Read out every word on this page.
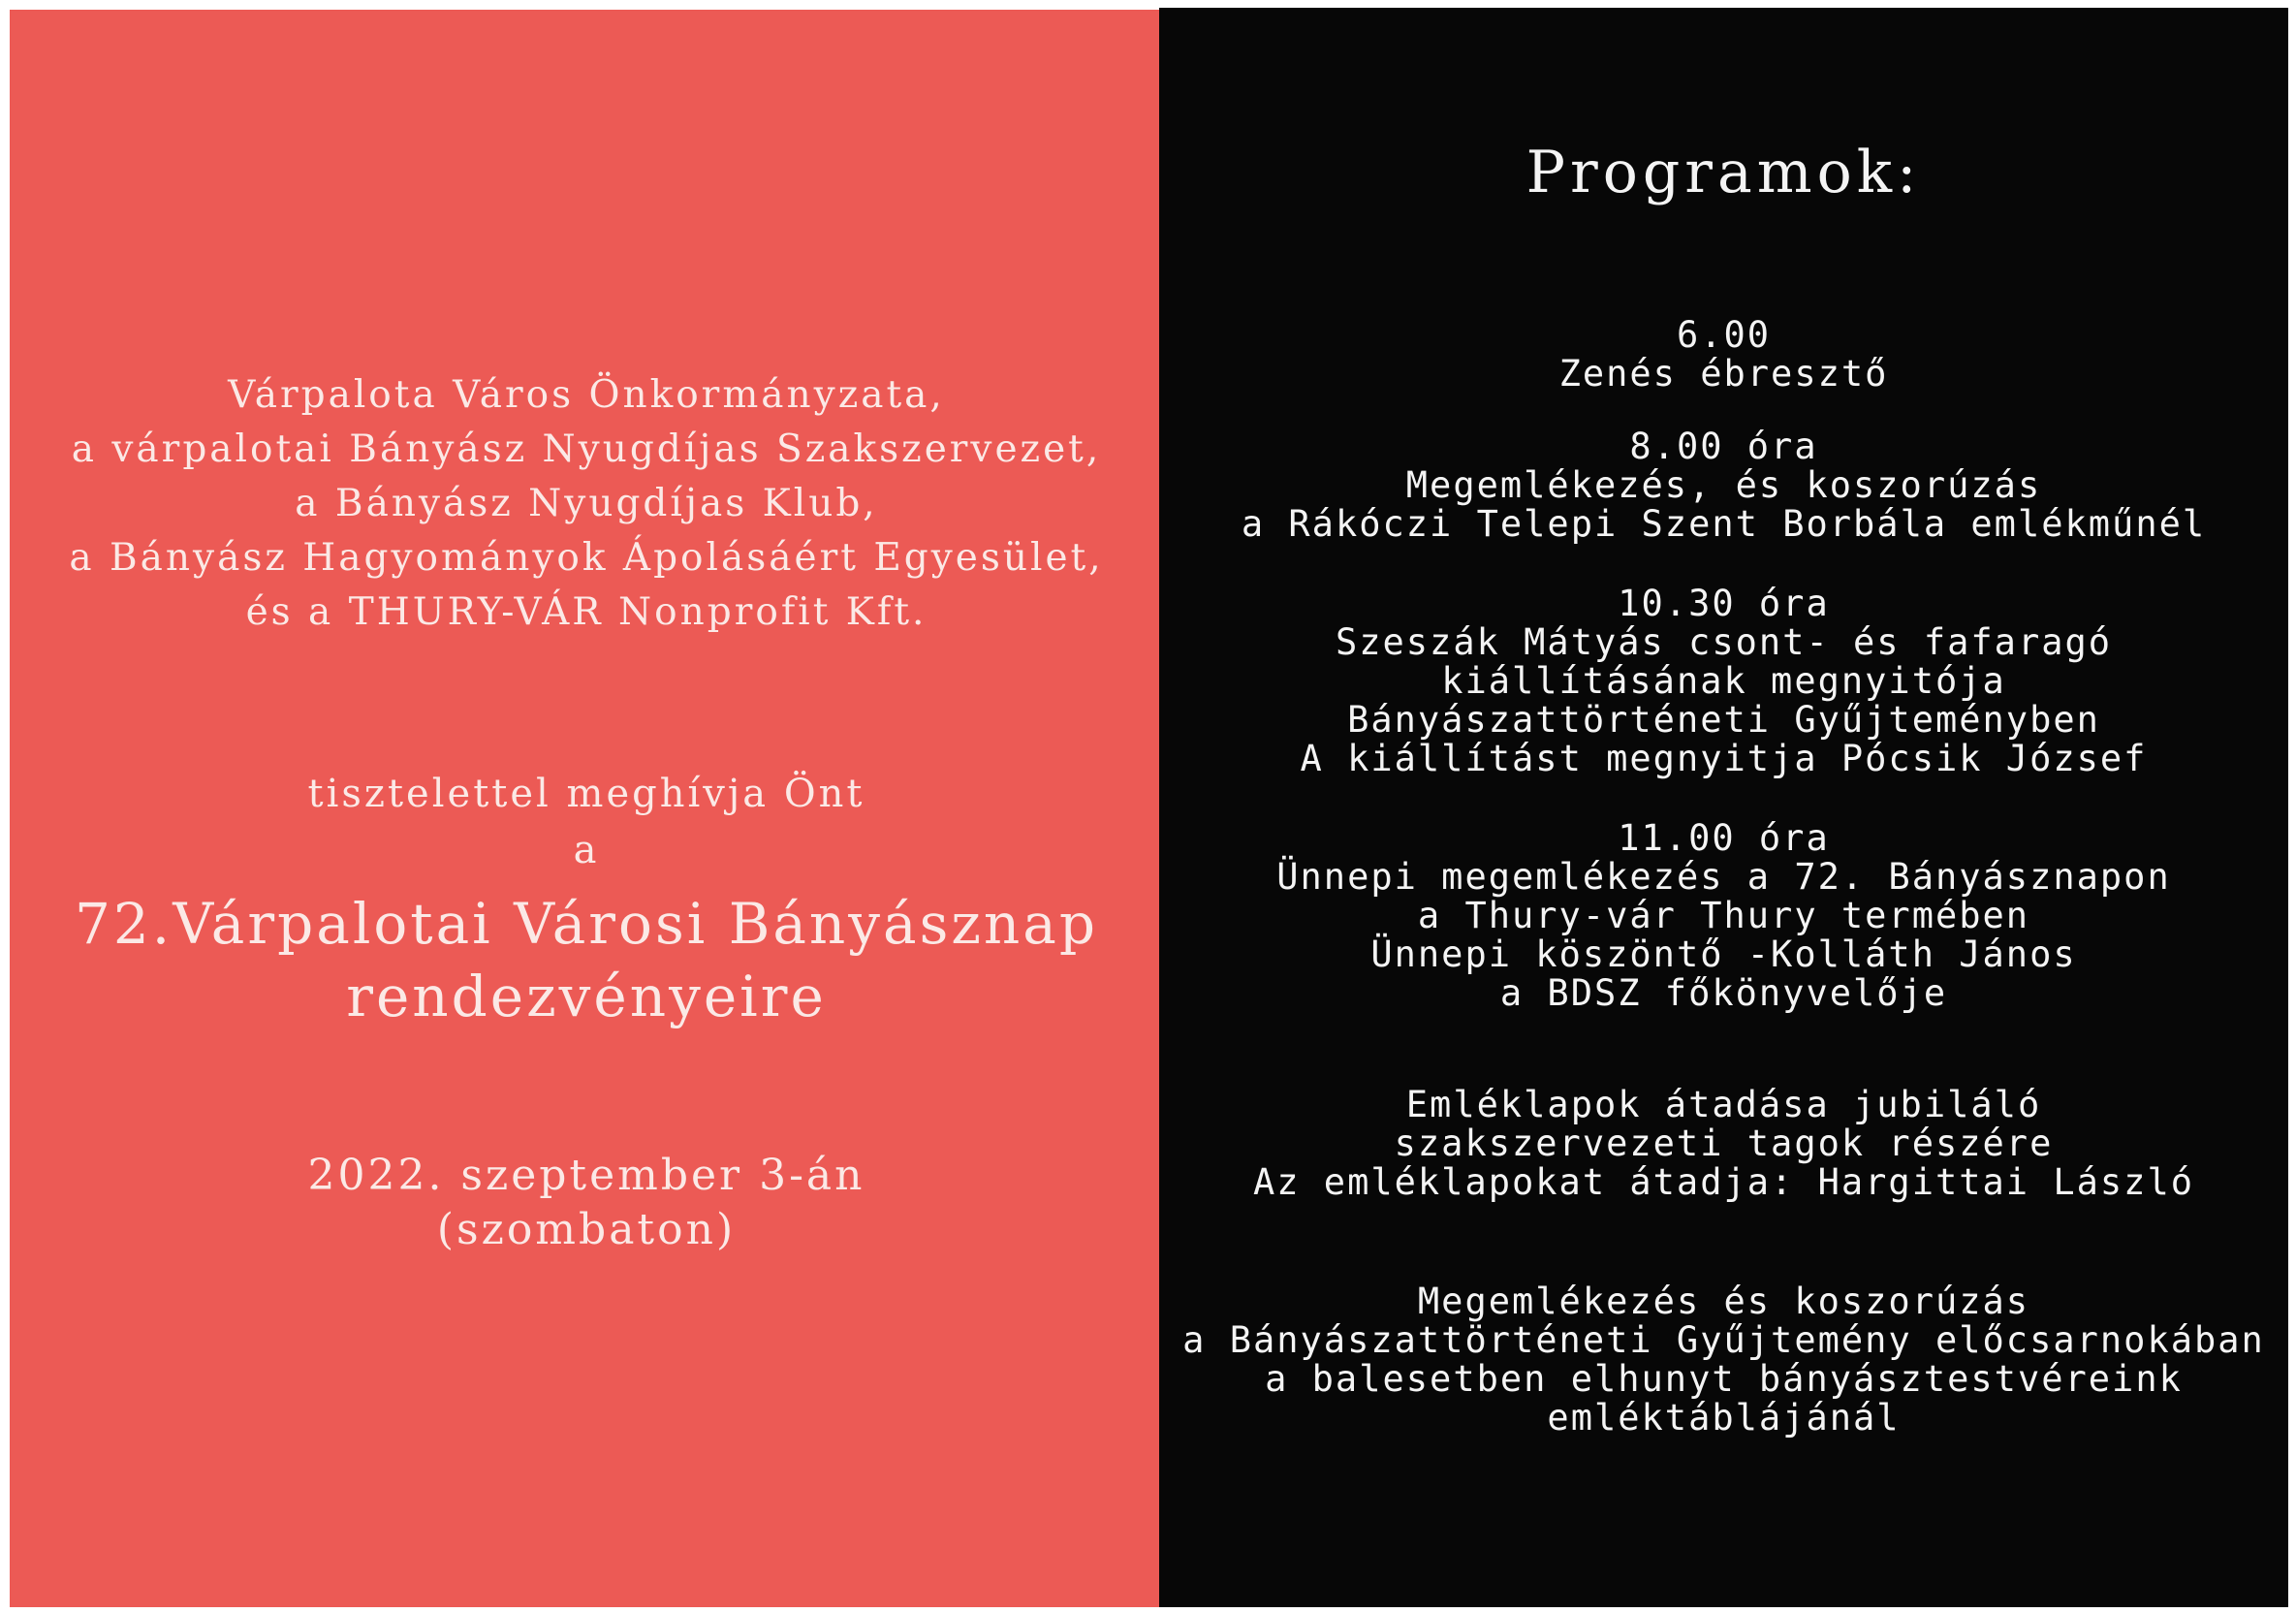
Várpalota Város Önkormányzata,
a várpalotai Bányász Nyugdíjas Szakszervezet,
a Bányász Nyugdíjas Klub,
a Bányász Hagyományok Ápolásáért Egyesület,
és a THURY-VÁR Nonprofit Kft.
tisztelettel meghívja Önt
a
72.Várpalotai Városi Bányásznap
rendezvényeire
2022. szeptember 3-án
(szombaton)
Programok:
6.00
Zenés ébresztő
8.00 óra
Megemlékezés, és koszorúzás
a Rákóczi Telepi Szent Borbála emlékműnél
10.30 óra
Szeszák Mátyás csont- és fafaragó
kiállításának megnyitója
Bányászattörténeti Gyűjteményben
A kiállítást megnyitja Pócsik József
11.00 óra
Ünnepi megemlékezés a 72. Bányásznapon
a Thury-vár Thury termében
Ünnepi köszöntő -Kolláth János
a BDSZ főkönyvelője
Emléklapok átadása jubiláló
szakszervezeti tagok részére
Az emléklapokat átadja: Hargittai László
Megemlékezés és koszorúzás
a Bányászattörténeti Gyűjtemény előcsarnokában
a balesetben elhunyt bányásztestvéreink
emléktáblájánál
